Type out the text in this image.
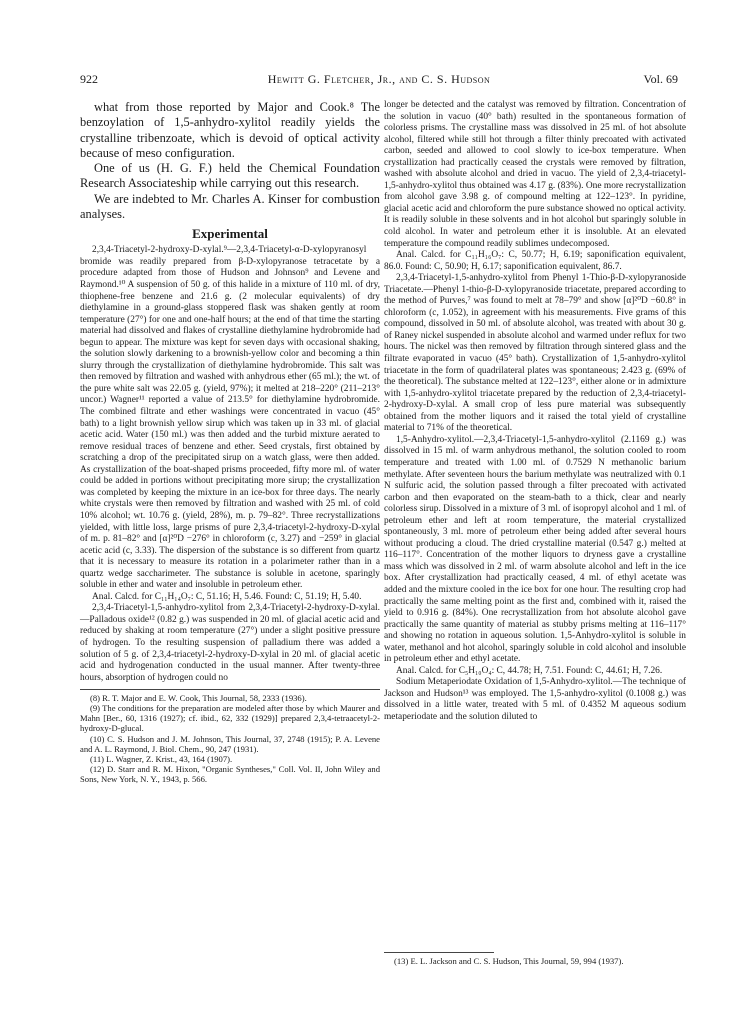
922	Hewitt G. Fletcher, Jr., and C. S. Hudson	Vol. 69

what from those reported by Major and Cook.⁸ The benzoylation of 1,5-anhydro-xylitol readily yields the crystalline tribenzoate, which is devoid of optical activity because of meso configuration.

One of us (H. G. F.) held the Chemical Foundation Research Associateship while carrying out this research.

We are indebted to Mr. Charles A. Kinser for combustion analyses.

Experimental

2,3,4-Triacetyl-2-hydroxy-D-xylal.⁹—2,3,4-Triacetyl-α-D-xylopyranosyl bromide was readily prepared from β-D-xylopyranose tetracetate by a procedure adapted from those of Hudson and Johnson⁹ and Levene and Raymond.¹⁰ A suspension of 50 g. of this halide in a mixture of 110 ml. of dry, thiophene-free benzene and 21.6 g. (2 molecular equivalents) of dry diethylamine in a ground-glass stoppered flask was shaken gently at room temperature (27°) for one and one-half hours; at the end of that time the starting material had dissolved and flakes of crystalline diethylamine hydrobromide had begun to appear. The mixture was kept for seven days with occasional shaking, the solution slowly darkening to a brownish-yellow color and becoming a thin slurry through the crystallization of diethylamine hydrobromide. This salt was then removed by filtration and washed with anhydrous ether (65 ml.); the wt. of the pure white salt was 22.05 g. (yield, 97%); it melted at 218–220° (211–213° uncor.) Wagner¹¹ reported a value of 213.5° for diethylamine hydrobromide. The combined filtrate and ether washings were concentrated in vacuo (45° bath) to a light brownish yellow sirup which was taken up in 33 ml. of glacial acetic acid. Water (150 ml.) was then added and the turbid mixture aerated to remove residual traces of benzene and ether. Seed crystals, first obtained by scratching a drop of the precipitated sirup on a watch glass, were then added. As crystallization of the boat-shaped prisms proceeded, fifty more ml. of water could be added in portions without precipitating more sirup; the crystallization was completed by keeping the mixture in an ice-box for three days. The nearly white crystals were then removed by filtration and washed with 25 ml. of cold 10% alcohol; wt. 10.76 g. (yield, 28%), m. p. 79–82°. Three recrystallizations yielded, with little loss, large prisms of pure 2,3,4-triacetyl-2-hydroxy-D-xylal of m. p. 81–82° and [α]²⁰D −276° in chloroform (c, 3.27) and −259° in glacial acetic acid (c, 3.33). The dispersion of the substance is so different from quartz that it is necessary to measure its rotation in a polarimeter rather than in a quartz wedge saccharimeter. The substance is soluble in acetone, sparingly soluble in ether and water and insoluble in petroleum ether.

Anal. Calcd. for C₁₁H₁₄O₇: C, 51.16; H, 5.46. Found: C, 51.19; H, 5.40.

2,3,4-Triacetyl-1,5-anhydro-xylitol from 2,3,4-Triacetyl-2-hydroxy-D-xylal.—Palladous oxide¹² (0.82 g.) was suspended in 20 ml. of glacial acetic acid and reduced by shaking at room temperature (27°) under a slight positive pressure of hydrogen. To the resulting suspension of palladium there was added a solution of 5 g. of 2,3,4-triacetyl-2-hydroxy-D-xylal in 20 ml. of glacial acetic acid and hydrogenation conducted in the usual manner. After twenty-three hours, absorption of hydrogen could no

(8) R. T. Major and E. W. Cook, This Journal, 58, 2333 (1936).

(9) The conditions for the preparation are modeled after those by which Maurer and Mahn [Ber., 60, 1316 (1927); cf. ibid., 62, 332 (1929)] prepared 2,3,4-tetraacetyl-2-hydroxy-D-glucal.

(10) C. S. Hudson and J. M. Johnson, This Journal, 37, 2748 (1915); P. A. Levene and A. L. Raymond, J. Biol. Chem., 90, 247 (1931).

(11) L. Wagner, Z. Krist., 43, 164 (1907).

(12) D. Starr and R. M. Hixon, "Organic Syntheses," Coll. Vol. II, John Wiley and Sons, New York, N. Y., 1943, p. 566.

longer be detected and the catalyst was removed by filtration. Concentration of the solution in vacuo (40° bath) resulted in the spontaneous formation of colorless prisms. The crystalline mass was dissolved in 25 ml. of hot absolute alcohol, filtered while still hot through a filter thinly precoated with activated carbon, seeded and allowed to cool slowly to ice-box temperature. When crystallization had practically ceased the crystals were removed by filtration, washed with absolute alcohol and dried in vacuo. The yield of 2,3,4-triacetyl-1,5-anhydro-xylitol thus obtained was 4.17 g. (83%). One more recrystallization from alcohol gave 3.98 g. of compound melting at 122–123°. In pyridine, glacial acetic acid and chloroform the pure substance showed no optical activity. It is readily soluble in these solvents and in hot alcohol but sparingly soluble in cold alcohol. In water and petroleum ether it is insoluble. At an elevated temperature the compound readily sublimes undecomposed.

Anal. Calcd. for C₁₁H₁₆O₇: C, 50.77; H, 6.19; saponification equivalent, 86.0. Found: C, 50.90; H, 6.17; saponification equivalent, 86.7.

2,3,4-Triacetyl-1,5-anhydro-xylitol from Phenyl 1-Thio-β-D-xylopyranoside Triacetate.—Phenyl 1-thio-β-D-xylopyranoside triacetate, prepared according to the method of Purves,⁷ was found to melt at 78–79° and show [α]²⁰D −60.8° in chloroform (c, 1.052), in agreement with his measurements. Five grams of this compound, dissolved in 50 ml. of absolute alcohol, was treated with about 30 g. of Raney nickel suspended in absolute alcohol and warmed under reflux for two hours. The nickel was then removed by filtration through sintered glass and the filtrate evaporated in vacuo (45° bath). Crystallization of 1,5-anhydro-xylitol triacetate in the form of quadrilateral plates was spontaneous; 2.423 g. (69% of the theoretical). The substance melted at 122–123°, either alone or in admixture with 1,5-anhydro-xylitol triacetate prepared by the reduction of 2,3,4-triacetyl-2-hydroxy-D-xylal. A small crop of less pure material was subsequently obtained from the mother liquors and it raised the total yield of crystalline material to 71% of the theoretical.

1,5-Anhydro-xylitol.—2,3,4-Triacetyl-1,5-anhydro-xylitol (2.1169 g.) was dissolved in 15 ml. of warm anhydrous methanol, the solution cooled to room temperature and treated with 1.00 ml. of 0.7529 N methanolic barium methylate. After seventeen hours the barium methylate was neutralized with 0.1 N sulfuric acid, the solution passed through a filter precoated with activated carbon and then evaporated on the steam-bath to a thick, clear and nearly colorless sirup. Dissolved in a mixture of 3 ml. of isopropyl alcohol and 1 ml. of petroleum ether and left at room temperature, the material crystallized spontaneously, 3 ml. more of petroleum ether being added after several hours without producing a cloud. The dried crystalline material (0.547 g.) melted at 116–117°. Concentration of the mother liquors to dryness gave a crystalline mass which was dissolved in 2 ml. of warm absolute alcohol and left in the ice box. After crystallization had practically ceased, 4 ml. of ethyl acetate was added and the mixture cooled in the ice box for one hour. The resulting crop had practically the same melting point as the first and, combined with it, raised the yield to 0.916 g. (84%). One recrystallization from hot absolute alcohol gave practically the same quantity of material as stubby prisms melting at 116–117° and showing no rotation in aqueous solution. 1,5-Anhydro-xylitol is soluble in water, methanol and hot alcohol, sparingly soluble in cold alcohol and insoluble in petroleum ether and ethyl acetate.

Anal. Calcd. for C₅H₁₀O₄: C, 44.78; H, 7.51. Found: C, 44.61; H, 7.26.

Sodium Metaperiodate Oxidation of 1,5-Anhydro-xylitol.—The technique of Jackson and Hudson¹³ was employed. The 1,5-anhydro-xylitol (0.1008 g.) was dissolved in a little water, treated with 5 ml. of 0.4352 M aqueous sodium metaperiodate and the solution diluted to

(13) E. L. Jackson and C. S. Hudson, This Journal, 59, 994 (1937).
